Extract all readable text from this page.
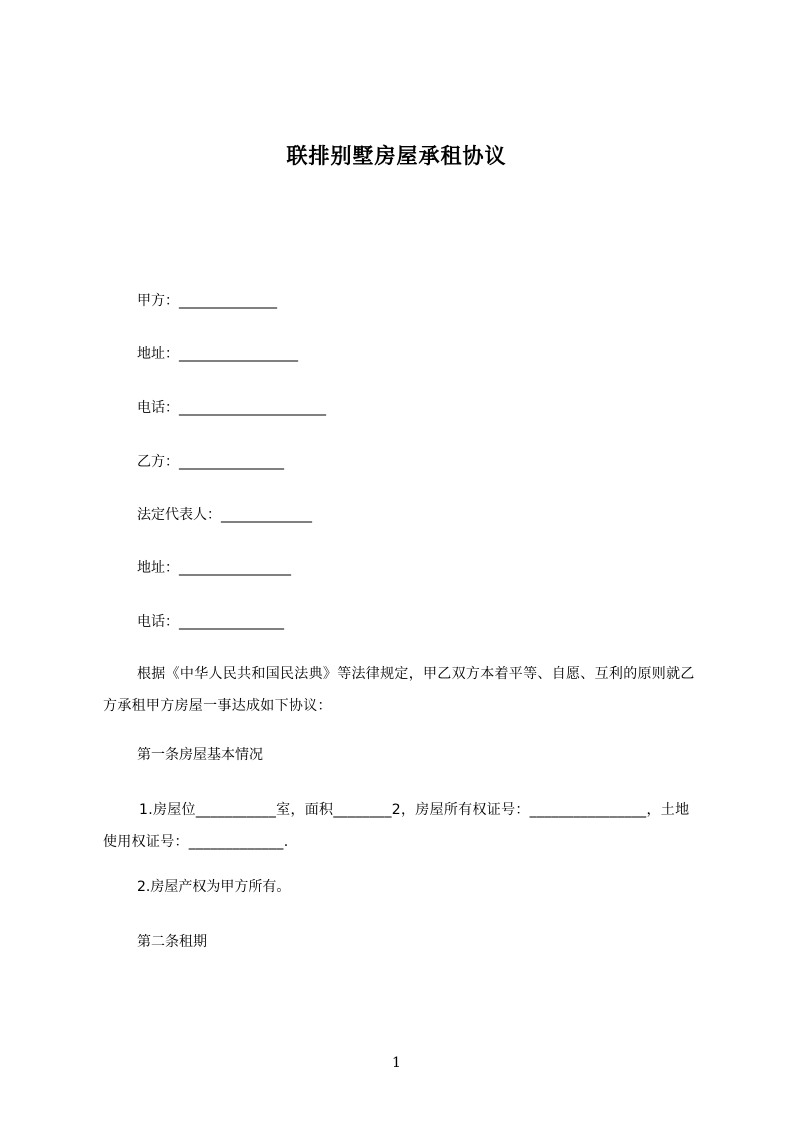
联排别墅房屋承租协议
甲方：______________
地址：_________________
电话：_____________________
乙方：_______________
法定代表人：_____________
地址：________________
电话：_______________
根据《中华人民共和国民法典》等法律规定，甲乙双方本着平等、自愿、互利的原则就乙方承租甲方房屋一事达成如下协议：
第一条房屋基本情况
1.房屋位___________室，面积________2，房屋所有权证号：________________，土地使用权证号：_____________.
2.房屋产权为甲方所有。
第二条租期
1
